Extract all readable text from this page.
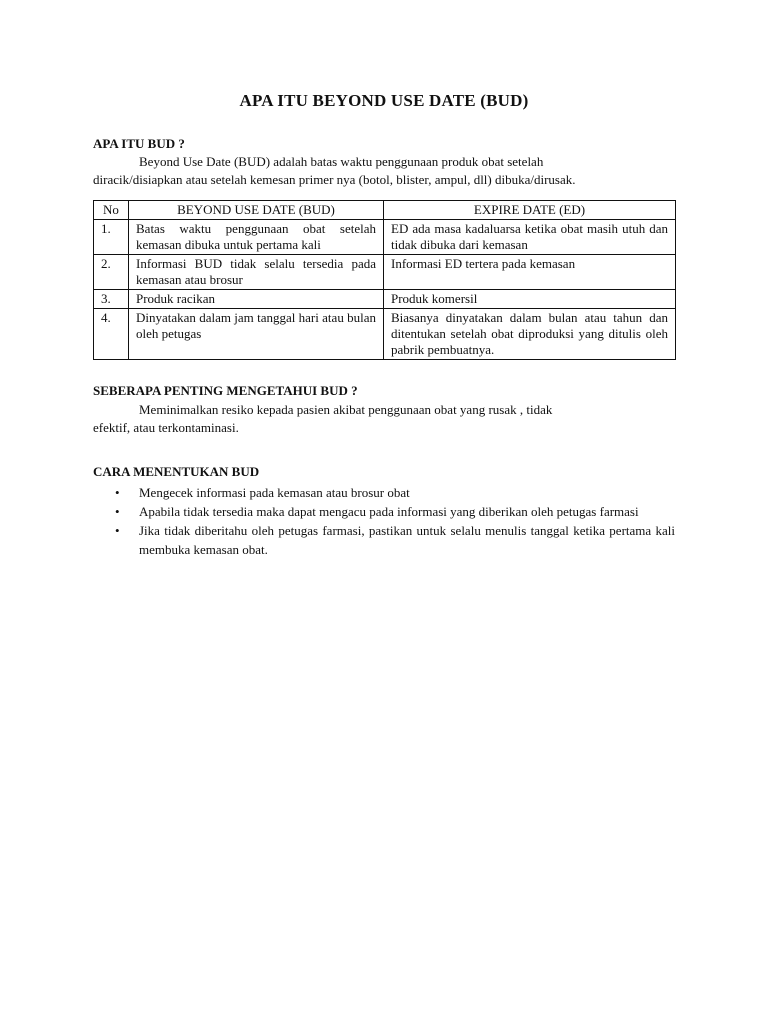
APA ITU BEYOND USE DATE (BUD)
APA ITU BUD ?

Beyond Use Date (BUD) adalah batas waktu penggunaan produk obat setelah
diracik/disiapkan atau setelah kemesan primer nya (botol, blister, ampul, dll) dibuka/dirusak.

No	BEYOND USE DATE (BUD)	EXPIRE DATE (ED)
1.	Batas waktu penggunaan obat setelah kemasan dibuka untuk pertama kali	ED ada masa kadaluarsa ketika obat masih utuh dan tidak dibuka dari kemasan
2.	Informasi BUD tidak selalu tersedia pada kemasan atau brosur	Informasi ED tertera pada kemasan
3.	Produk racikan	Produk komersil
4.	Dinyatakan dalam jam tanggal hari atau bulan oleh petugas	Biasanya dinyatakan dalam bulan atau tahun dan ditentukan setelah obat diproduksi yang ditulis oleh pabrik pembuatnya.
SEBERAPA PENTING MENGETAHUI BUD ?

Meminimalkan resiko kepada pasien akibat penggunaan obat yang rusak , tidak
efektif, atau terkontaminasi.

CARA MENENTUKAN BUD
• Mengecek informasi pada kemasan atau brosur obat
• Apabila tidak tersedia maka dapat mengacu pada informasi yang diberikan oleh petugas farmasi
• Jika tidak diberitahu oleh petugas farmasi, pastikan untuk selalu menulis tanggal ketika pertama kali membuka kemasan obat.
